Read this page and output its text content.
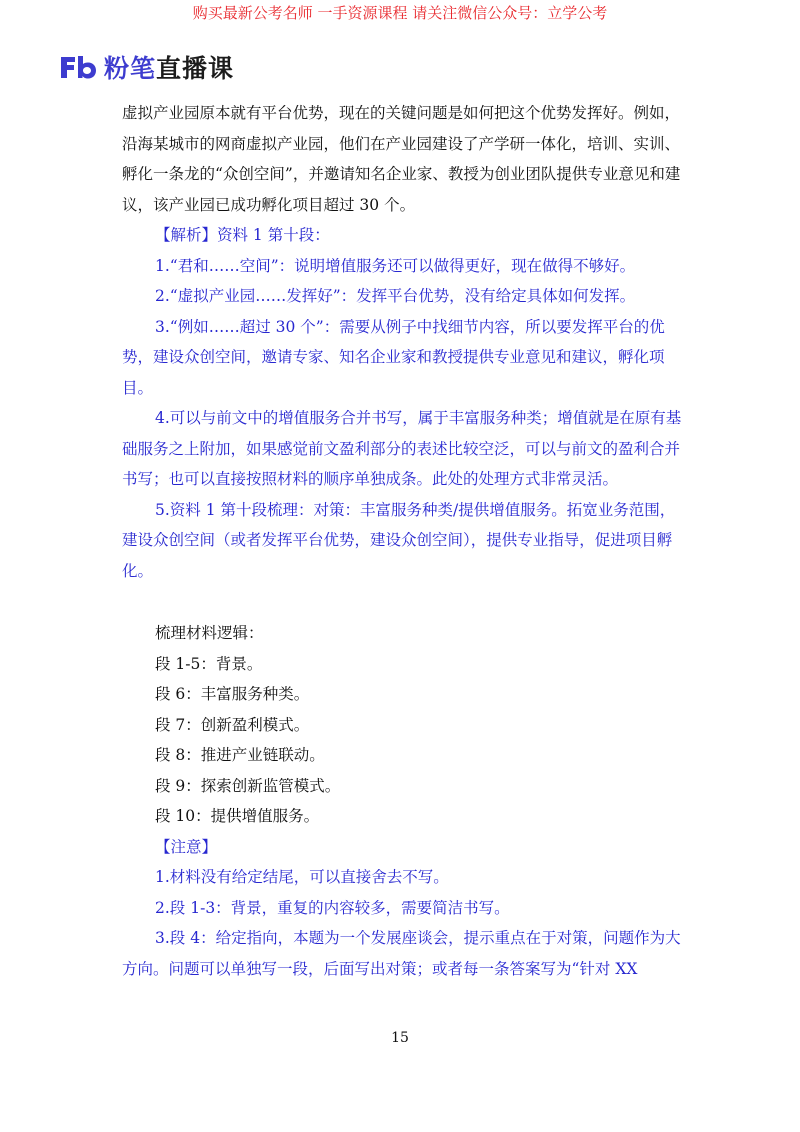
购买最新公考名师 一手资源课程 请关注微信公众号：立学公考
粉笔直播课

虚拟产业园原本就有平台优势，现在的关键问题是如何把这个优势发挥好。例如，沿海某城市的网商虚拟产业园，他们在产业园建设了产学研一体化，培训、实训、孵化一条龙的“众创空间”，并邀请知名企业家、教授为创业团队提供专业意见和建议，该产业园已成功孵化项目超过 30 个。

【解析】资料 1 第十段：

1.“君和……空间”：说明增值服务还可以做得更好，现在做得不够好。

2.“虚拟产业园……发挥好”：发挥平台优势，没有给定具体如何发挥。

3.“例如……超过 30 个”：需要从例子中找细节内容，所以要发挥平台的优势，建设众创空间，邀请专家、知名企业家和教授提供专业意见和建议，孵化项目。

4.可以与前文中的增值服务合并书写，属于丰富服务种类；增值就是在原有基础服务之上附加，如果感觉前文盈利部分的表述比较空泛，可以与前文的盈利合并书写；也可以直接按照材料的顺序单独成条。此处的处理方式非常灵活。

5.资料 1 第十段梳理：对策：丰富服务种类/提供增值服务。拓宽业务范围，建设众创空间（或者发挥平台优势，建设众创空间），提供专业指导，促进项目孵化。

梳理材料逻辑：

段 1-5：背景。

段 6：丰富服务种类。

段 7：创新盈利模式。

段 8：推进产业链联动。

段 9：探索创新监管模式。

段 10：提供增值服务。

【注意】

1.材料没有给定结尾，可以直接舍去不写。

2.段 1-3：背景，重复的内容较多，需要简洁书写。

3.段 4：给定指向，本题为一个发展座谈会，提示重点在于对策，问题作为大方向。问题可以单独写一段，后面写出对策；或者每一条答案写为“针对 XX

15
